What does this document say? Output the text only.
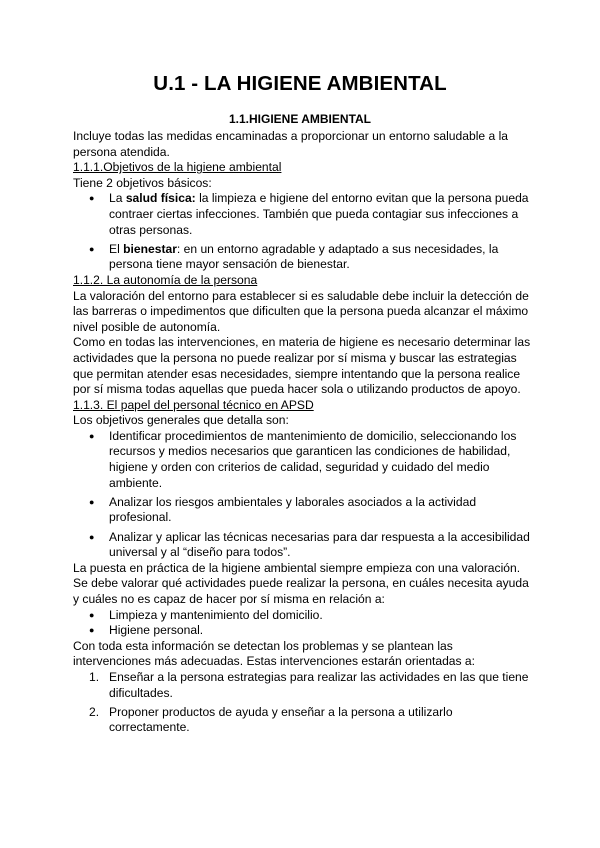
U.1 - LA HIGIENE AMBIENTAL
1.1.HIGIENE AMBIENTAL

Incluye todas las medidas encaminadas a proporcionar un entorno saludable a la persona atendida.

1.1.1.Objetivos de la higiene ambiental

Tiene 2 objetivos básicos:

● La salud física: la limpieza e higiene del entorno evitan que la persona pueda contraer ciertas infecciones. También que pueda contagiar sus infecciones a otras personas.
● El bienestar: en un entorno agradable y adaptado a sus necesidades, la persona tiene mayor sensación de bienestar.

1.1.2. La autonomía de la persona

La valoración del entorno para establecer si es saludable debe incluir la detección de las barreras o impedimentos que dificulten que la persona pueda alcanzar el máximo nivel posible de autonomía.

Como en todas las intervenciones, en materia de higiene es necesario determinar las actividades que la persona no puede realizar por sí misma y buscar las estrategias que permitan atender esas necesidades, siempre intentando que la persona realice por sí misma todas aquellas que pueda hacer sola o utilizando productos de apoyo.

1.1.3. El papel del personal técnico en APSD

Los objetivos generales que detalla son:

● Identificar procedimientos de mantenimiento de domicilio, seleccionando los recursos y medios necesarios que garanticen las condiciones de habilidad, higiene y orden con criterios de calidad, seguridad y cuidado del medio ambiente.
● Analizar los riesgos ambientales y laborales asociados a la actividad profesional.
● Analizar y aplicar las técnicas necesarias para dar respuesta a la accesibilidad universal y al “diseño para todos”.

La puesta en práctica de la higiene ambiental siempre empieza con una valoración. Se debe valorar qué actividades puede realizar la persona, en cuáles necesita ayuda y cuáles no es capaz de hacer por sí misma en relación a:

● Limpieza y mantenimiento del domicilio.
● Higiene personal.

Con toda esta información se detectan los problemas y se plantean las intervenciones más adecuadas. Estas intervenciones estarán orientadas a:

Enseñar a la persona estrategias para realizar las actividades en las que tiene dificultades.
Proponer productos de ayuda y enseñar a la persona a utilizarlo correctamente.
